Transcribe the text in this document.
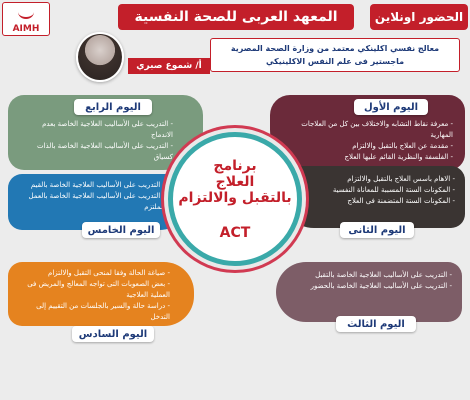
AIMH
المعهد العربى للصحة النفسية	الحضور اونلاين
أ/ شموع صبري
معالج نفسي اكلينكي معتمد من وزارة الصحة المصرية
ماجستير فى علم النفس الاكلينيكي
- معرفة نقاط التشابه والاختلاف بين كل من العلاجات المهارية
- مقدمة عن العلاج بالتقبل والالتزام
- الفلسفة والنظرية القائم عليها العلاج
اليوم الأول
- التدريب على الأساليب العلاجية الخاصة بعدم الاندماج
- التدريب على الأساليب العلاجية الخاصة بالذات كسياق
اليوم الرابع
- الاهام باسس العلاج بالتقبل والالتزام
- المكونات الستة المسببة للمعاناة النفسية
- المكونات الستة المتضمنة فى العلاج
اليوم الثانى
- التدريب على الأساليب العلاجية الخاصة بالقيم
- التدريب على الأساليب العلاجية الخاصة بالعمل الملتزم
اليوم الخامس
- التدريب على الأساليب العلاجية الخاصة بالتقبل
- التدريب على الأساليب العلاجية الخاصة بالحضور
اليوم الثالث
- صياغة الحالة وفقا لمنحى التقبل والالتزام
- بعض الصعوبات التى تواجه المعالج والمريض فى العملية العلاجية
- دراسة حالة والسير بالجلسات من التقييم إلى التدخل
اليوم السادس
برنامج
العلاج
بالتقبل والالتزام
ACT
